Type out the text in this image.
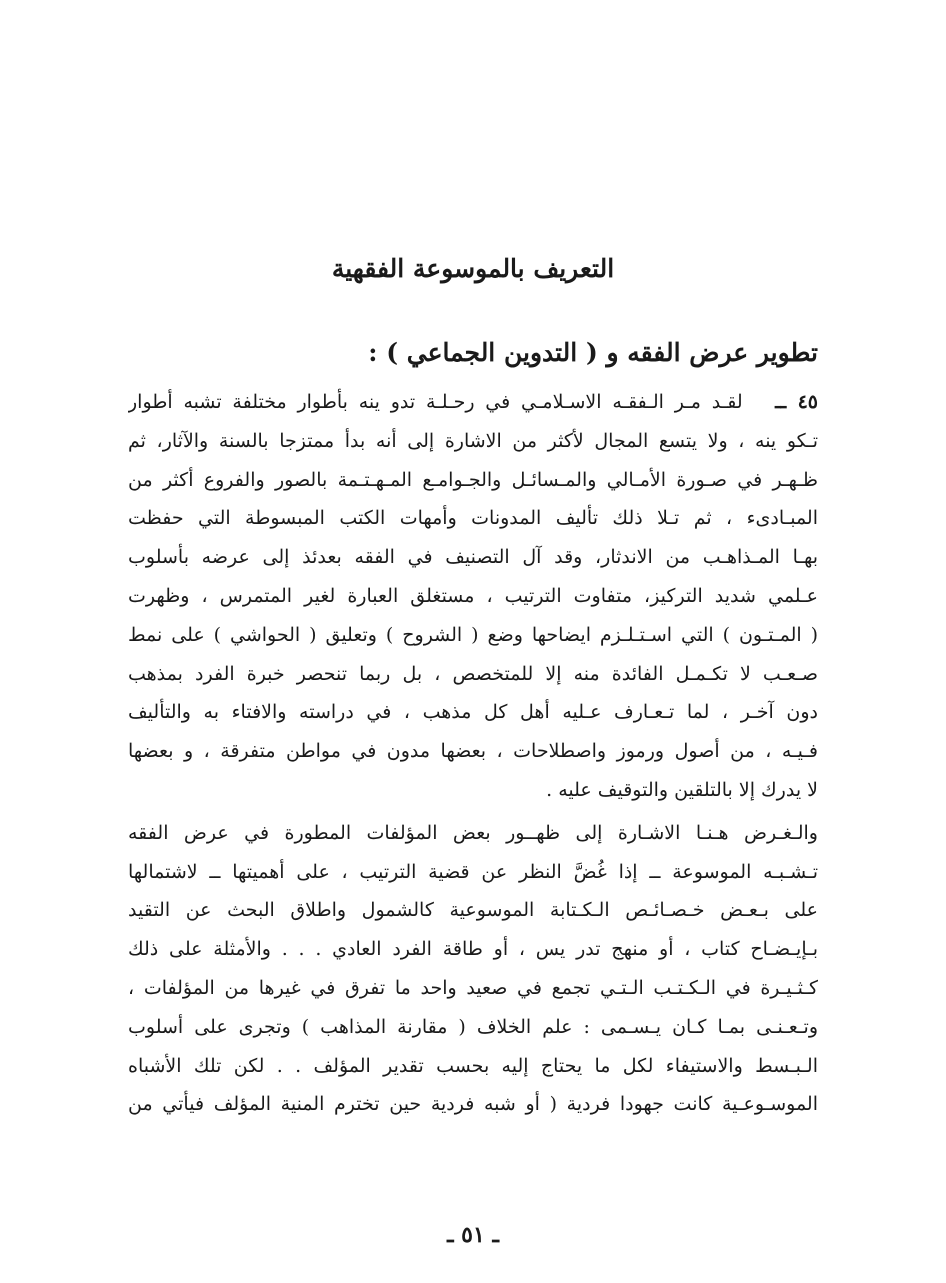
التعريف بالموسوعة الفقهية
تطوير عرض الفقه و ( التدوين الجماعي ) :
٤٥ ــ   لقـد مـر الـفقـه الاسـلامـي في رحـلـة تدو ينه بأطوار مختلفة تشبه أطوار
تـكو ينه ، ولا يتسع المجال لأكثر من الاشارة إلى أنه بدأ ممتزجا بالسنة والآثار، ثم
ظـهـر في صـورة الأمـالي والمـسائـل والجـوامـع المـهـتـمة بالصور والفروع أكثر من
المبـادىء ، ثم تـلا ذلك تأليف المدونات وأمهات الكتب المبسوطة التي حفظت
بهـا المـذاهـب من الاندثار، وقد آل التصنيف في الفقه بعدئذ إلى عرضه بأسلوب
عـلمي شديد التركيز، متفاوت الترتيب ، مستغلق العبارة لغير المتمرس ، وظهرت
( المـتـون ) التي اسـتـلـزم ايضاحها وضع ( الشروح ) وتعليق ( الحواشي ) على نمط
صـعـب لا تكـمـل الفائدة منه إلا للمتخصص ، بل ربما تنحصر خبرة الفرد بمذهب
دون آخـر ، لما تـعـارف عـليه أهل كل مذهب ، في دراسته والافتاء به والتأليف
فـيـه ، من أصول ورموز واصطلاحات ، بعضها مدون في مواطن متفرقة ، و بعضها
لا يدرك إلا بالتلقين والتوقيف عليه .
والـغـرض هـنـا الاشـارة إلى ظهــور بعض المؤلفات المطورة في عرض الفقه
تـشـبـه الموسوعة ــ إذا غُضَّ النظر عن قضية الترتيب ، على أهميتها ــ لاشتمالها
على بـعـض خـصـائـص الـكـتابة الموسوعية كالشمول واطلاق البحث عن التقيد
بـإيـضـاح كتاب ، أو منهج تدر يس ، أو طاقة الفرد العادي . . . والأمثلة على ذلك
كـثـيـرة في الـكـتـب الـتـي تجمع في صعيد واحد ما تفرق في غيرها من المؤلفات ،
وتـعـنـى بمـا كـان يـسـمى : علم الخلاف ( مقارنة المذاهب ) وتجرى على أسلوب
الـبـسط والاستيفاء لكل ما يحتاج إليه بحسب تقدير المؤلف . . لكن تلك الأشباه
الموسـوعـية كانت جهودا فردية ( أو شبه فردية حين تخترم المنية المؤلف فيأتي من
ـ ٥١ ـ
